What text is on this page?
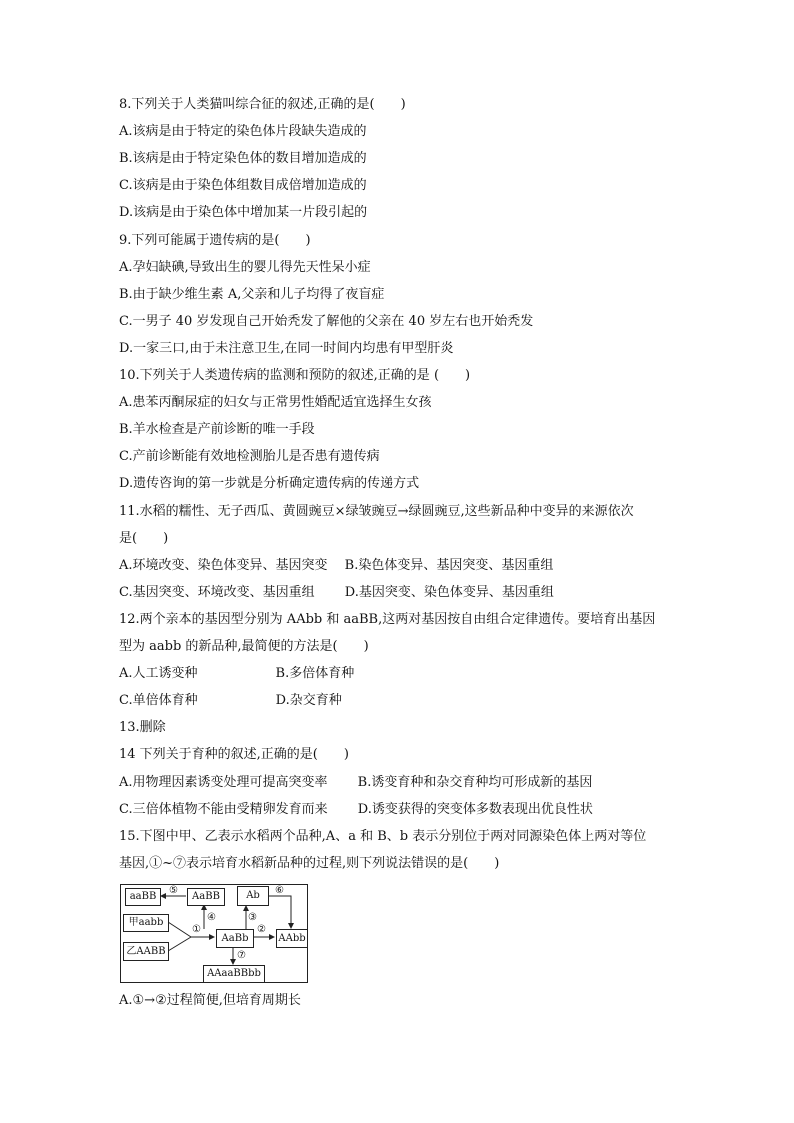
8.下列关于人类猫叫综合征的叙述,正确的是(　　)
A.该病是由于特定的染色体片段缺失造成的
B.该病是由于特定染色体的数目增加造成的
C.该病是由于染色体组数目成倍增加造成的
D.该病是由于染色体中增加某一片段引起的
9.下列可能属于遗传病的是(　　)
A.孕妇缺碘,导致出生的婴儿得先天性呆小症
B.由于缺少维生素 A,父亲和儿子均得了夜盲症
C.一男子 40 岁发现自己开始秃发了解他的父亲在 40 岁左右也开始秃发
D.一家三口,由于未注意卫生,在同一时间内均患有甲型肝炎
10.下列关于人类遗传病的监测和预防的叙述,正确的是 (　　)
A.患苯丙酮尿症的妇女与正常男性婚配适宜选择生女孩
B.羊水检查是产前诊断的唯一手段
C.产前诊断能有效地检测胎儿是否患有遗传病
D.遗传咨询的第一步就是分析确定遗传病的传递方式
11.水稻的糯性、无子西瓜、黄圆豌豆×绿皱豌豆→绿圆豌豆,这些新品种中变异的来源依次
是(　　)
A.环境改变、染色体变异、基因突变　 B.染色体变异、基因突变、基因重组
C.基因突变、环境改变、基因重组　　 D.基因突变、染色体变异、基因重组
12.两个亲本的基因型分别为 AAbb 和 aaBB,这两对基因按自由组合定律遗传。要培育出基因
型为 aabb 的新品种,最简便的方法是(　　)
A.人工诱变种　　　　　　B.多倍体育种
C.单倍体育种　　　　　　D.杂交育种
13.删除
14 下列关于育种的叙述,正确的是(　　)
A.用物理因素诱变处理可提高突变率　　 B.诱变育种和杂交育种均可形成新的基因
C.三倍体植物不能由受精卵发育而来　　 D.诱变获得的突变体多数表现出优良性状
15.下图中甲、乙表示水稻两个品种,A、a 和 B、b 表示分别位于两对同源染色体上两对等位
基因,①~⑦表示培育水稻新品种的过程,则下列说法错误的是(　　)
A.①→②过程简便,但培育周期长
aaBB	AaBB	Ab
甲aabb
乙AABB
AaBb	AAbb
AAaaBBbb
①	②
③
④
⑤	⑥
⑦
